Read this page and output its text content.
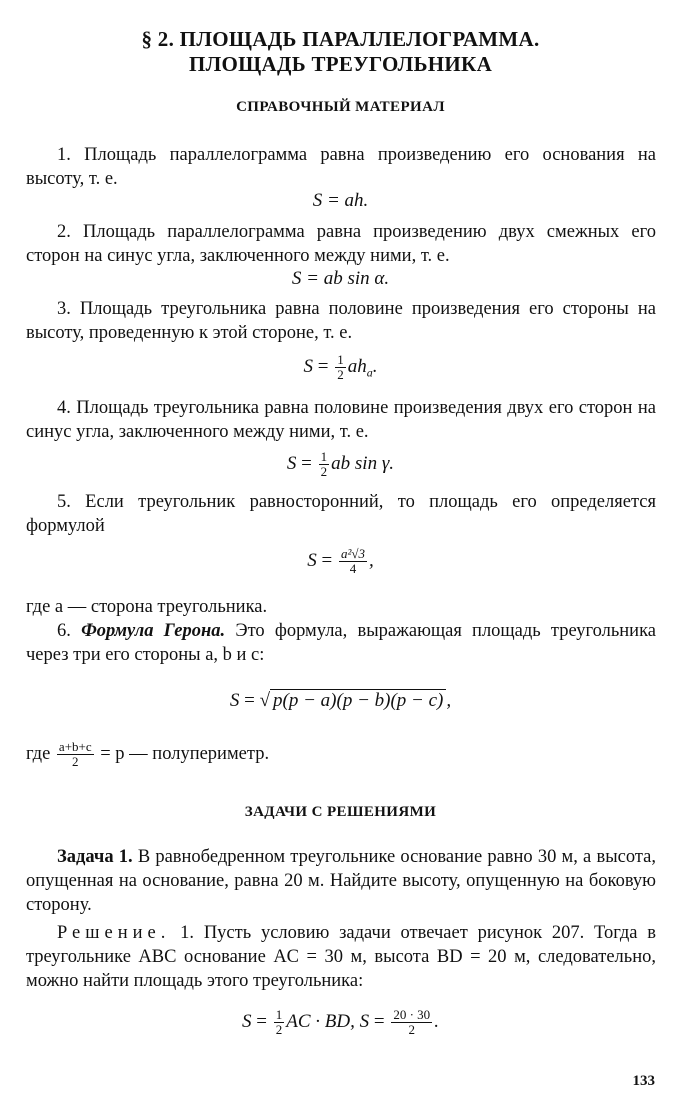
§ 2. ПЛОЩАДЬ ПАРАЛЛЕЛОГРАММА.
ПЛОЩАДЬ ТРЕУГОЛЬНИКА
СПРАВОЧНЫЙ МАТЕРИАЛ
1. Площадь параллелограмма равна произведению его основания на высоту, т. е.
S = ah.
2. Площадь параллелограмма равна произведению двух смежных его сторон на синус угла, заключенного между ними, т. е.
S = ab sin α.
3. Площадь треугольника равна половине произведения его стороны на высоту, проведенную к этой стороне, т. е.
$S = \frac{1}{2} ah_a$.
4. Площадь треугольника равна половине произведения двух его сторон на синус угла, заключенного между ними, т. е.
$S = \frac{1}{2}$ ab sin γ.
5. Если треугольник равносторонний, то площадь его определяется формулой
$S = \frac{\text{a²√3}}{4}$ ,
где a — сторона треугольника.
6. Формула Герона. Это формула, выражающая площадь треугольника через три его стороны a, b и c:
S = √ p(p − a)(p − b)(p − c) ,
где $\frac{a+b+c}{2} = p$ — полупериметр.
ЗАДАЧИ С РЕШЕНИЯМИ
Задача 1. В равнобедренном треугольнике основание равно 30 м, а высота, опущенная на основание, равна 20 м. Найдите высоту, опущенную на боковую сторону.
Решение. 1. Пусть условию задачи отвечает рисунок 207. Тогда в треугольнике ABC основание AC = 30 м, высота BD = 20 м, следовательно, можно найти площадь этого треугольника:
$S = \frac{1}{2}$ AC · BD, $S = \frac{20 \cdot 30}{2}$ .
133
